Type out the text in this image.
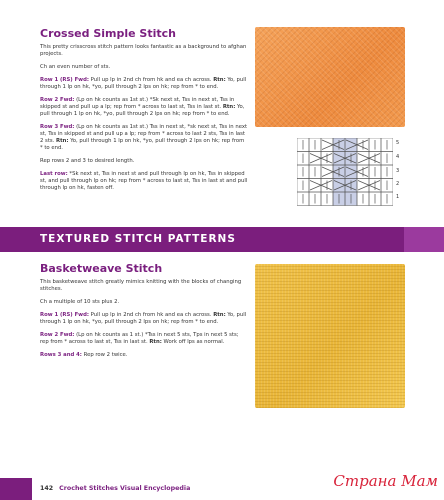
Crossed Simple Stitch

This pretty crisscross stitch pattern looks fantastic as a background to afghan projects.

Ch an even number of sts.

Row 1 (RS) Fwd: Pull up lp in 2nd ch from hk and ea ch across. Rtn: Yo, pull through 1 lp on hk, *yo, pull through 2 lps on hk; rep from * to end.

Row 2 Fwd: (Lp on hk counts as 1st st.) *Sk next st, Tss in next st, Tss in skipped st and pull up a lp; rep from * across to last st, Tss in last st. Rtn: Yo, pull through 1 lp on hk, *yo, pull through 2 lps on hk; rep from * to end.

Row 3 Fwd: (Lp on hk counts as 1st st.) Tss in next st, *sk next st, Tss in next st, Tss in skipped st and pull up a lp; rep from * across to last 2 sts, Tss in last 2 sts. Rtn: Yo, pull through 1 lp on hk, *yo, pull through 2 lps on hk; rep from * to end.

Rep rows 2 and 3 to desired length.

Last row: *Sk next st, Tss in next st and pull through lp on hk, Tss in skipped st, and pull through lp on hk; rep from * across to last st, Tss in last st and pull through lp on hk, fasten off.

5
4
3
2
1
TEXTURED STITCH PATTERNS
Basketweave Stitch

This basketweave stitch greatly mimics knitting with the blocks of changing stitches.

Ch a multiple of 10 sts plus 2.

Row 1 (RS) Fwd: Pull up lp in 2nd ch from hk and ea ch across. Rtn: Yo, pull through 1 lp on hk, *yo, pull through 2 lps on hk; rep from * to end.

Row 2 Fwd: (Lp on hk counts as 1 st.) *Tss in next 5 sts, Tps in next 5 sts; rep from * across to last st, Tss in last st. Rtn: Work off lps as normal.

Rows 3 and 4: Rep row 2 twice.

142 Crochet Stitches Visual Encyclopedia	Страна Мам
